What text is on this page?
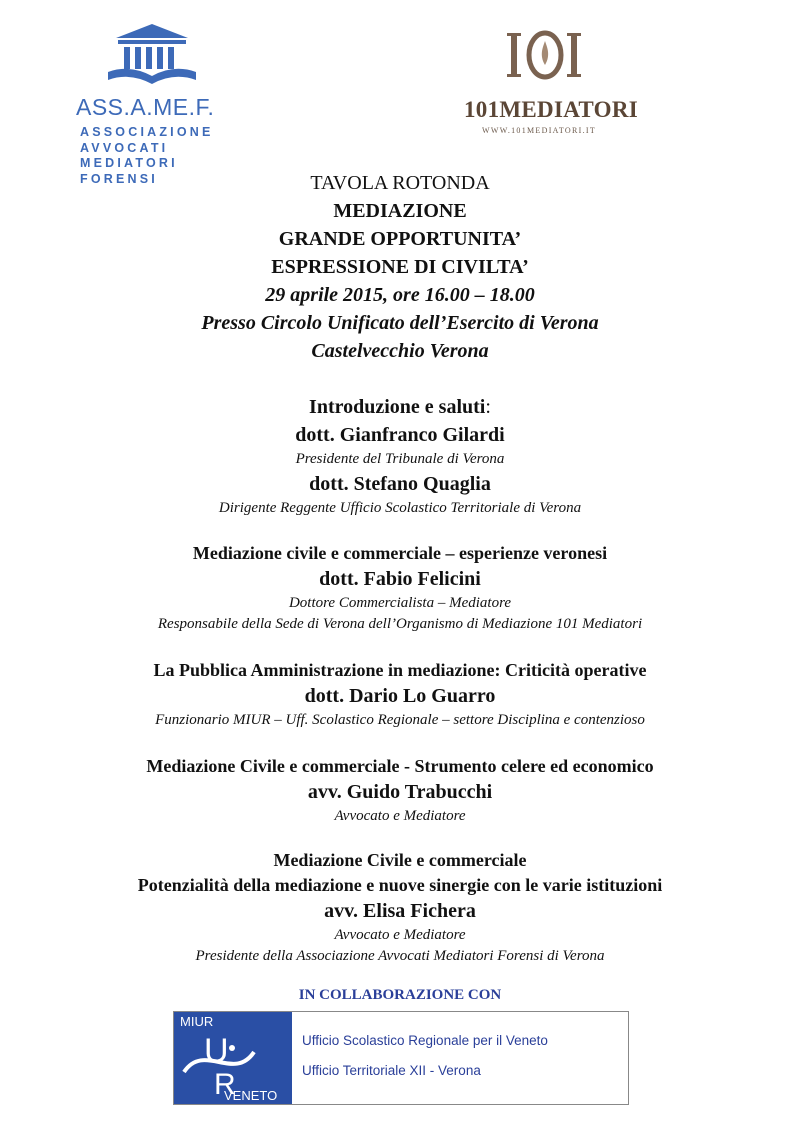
ASS.A.ME.F.
ASSOCIAZIONE
AVVOCATI
MEDIATORI
FORENSI
101MEDIATORI
WWW.101MEDIATORI.IT
TAVOLA ROTONDA
MEDIAZIONE
GRANDE OPPORTUNITA’
ESPRESSIONE DI CIVILTA’
29 aprile 2015, ore 16.00 – 18.00
Presso Circolo Unificato dell’Esercito di Verona
Castelvecchio Verona
Introduzione e saluti:
dott. Gianfranco Gilardi
Presidente del Tribunale di Verona
dott. Stefano Quaglia
Dirigente Reggente Ufficio Scolastico Territoriale di Verona
Mediazione civile e commerciale – esperienze veronesi
dott. Fabio Felicini
Dottore Commercialista – Mediatore
Responsabile della Sede di Verona dell’Organismo di Mediazione 101 Mediatori
La Pubblica Amministrazione in mediazione: Criticità operative
dott. Dario Lo Guarro
Funzionario MIUR – Uff. Scolastico Regionale – settore Disciplina e contenzioso
Mediazione Civile e commerciale - Strumento celere ed economico
avv. Guido Trabucchi
Avvocato e Mediatore
Mediazione Civile e commerciale
Potenzialità della mediazione e nuove sinergie con le varie istituzioni
avv. Elisa Fichera
Avvocato e Mediatore
Presidente della Associazione Avvocati Mediatori Forensi di Verona
IN COLLABORAZIONE CON
MIUR
U
R
VENETO
Ufficio Scolastico Regionale per il Veneto
Ufficio Territoriale XII - Verona
